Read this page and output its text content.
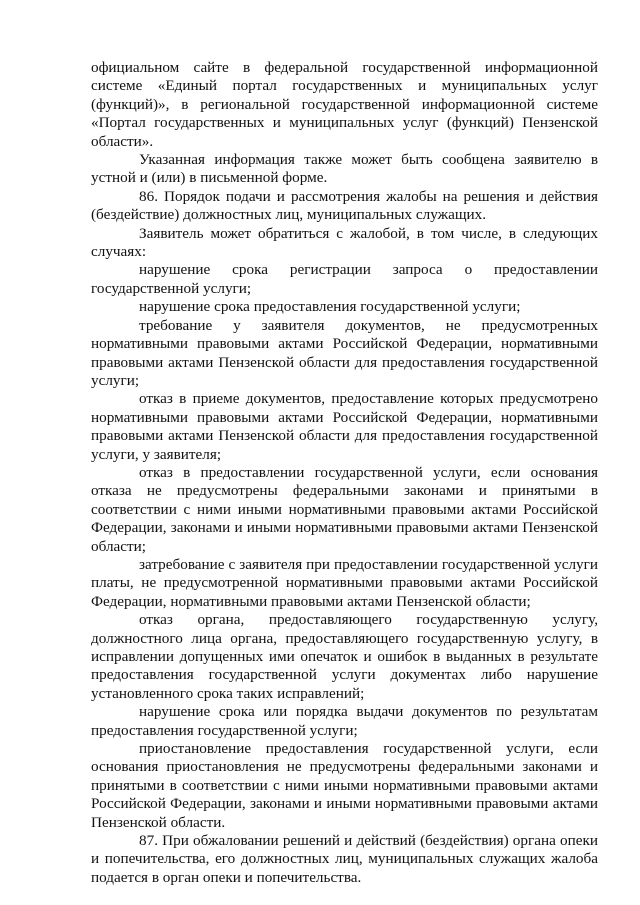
официальном сайте в федеральной государственной информационной системе «Единый портал государственных и муниципальных услуг (функций)», в региональной государственной информационной системе «Портал государственных и муниципальных услуг (функций) Пензенской области».

Указанная информация также может быть сообщена заявителю в устной и (или) в письменной форме.

86. Порядок подачи и рассмотрения жалобы на решения и действия (бездействие) должностных лиц, муниципальных служащих.

Заявитель может обратиться с жалобой, в том числе, в следующих случаях:

нарушение срока регистрации запроса о предоставлении государственной услуги;

нарушение срока предоставления государственной услуги;

требование у заявителя документов, не предусмотренных нормативными правовыми актами Российской Федерации, нормативными правовыми актами Пензенской области для предоставления государственной услуги;

отказ в приеме документов, предоставление которых предусмотрено нормативными правовыми актами Российской Федерации, нормативными правовыми актами Пензенской области для предоставления государственной услуги, у заявителя;

отказ в предоставлении государственной услуги, если основания отказа не предусмотрены федеральными законами и принятыми в соответствии с ними иными нормативными правовыми актами Российской Федерации, законами и иными нормативными правовыми актами Пензенской области;

затребование с заявителя при предоставлении государственной услуги платы, не предусмотренной нормативными правовыми актами Российской Федерации, нормативными правовыми актами Пензенской области;

отказ органа, предоставляющего государственную услугу, должностного лица органа, предоставляющего государственную услугу, в исправлении допущенных ими опечаток и ошибок в выданных в результате предоставления государственной услуги документах либо нарушение установленного срока таких исправлений;

нарушение срока или порядка выдачи документов по результатам предоставления государственной услуги;

приостановление предоставления государственной услуги, если основания приостановления не предусмотрены федеральными законами и принятыми в соответствии с ними иными нормативными правовыми актами Российской Федерации, законами и иными нормативными правовыми актами Пензенской области.

87. При обжаловании решений и действий (бездействия) органа опеки и попечительства, его должностных лиц, муниципальных служащих жалоба подается в орган опеки и попечительства.
